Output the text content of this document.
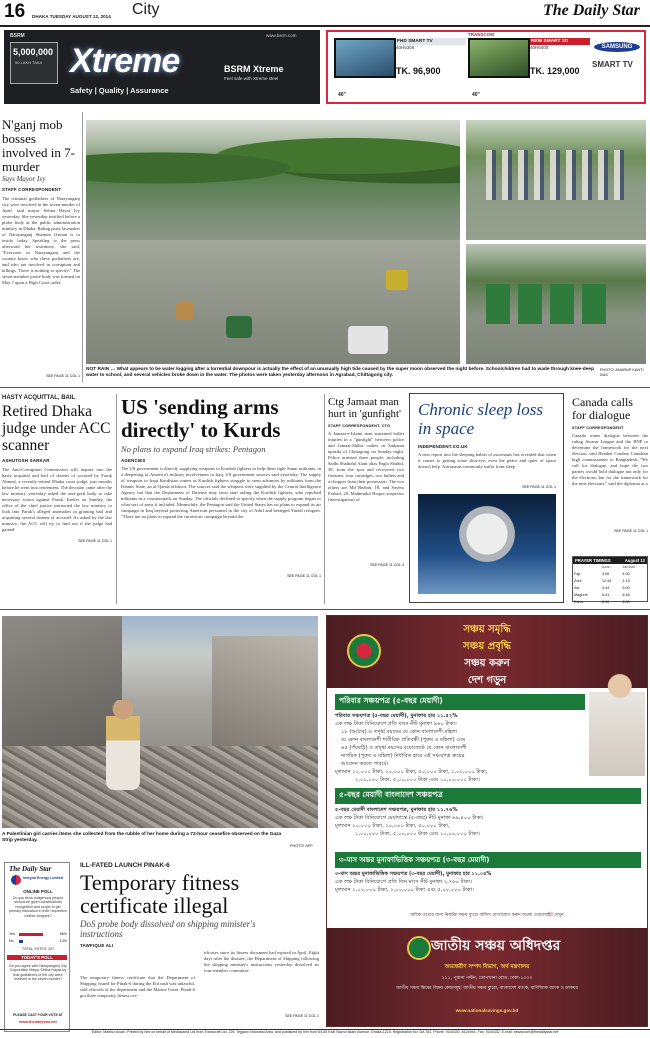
16 DHAKA TUESDAY AUGUST 12, 2014 City	The Daily Star
BSRM
5,000,000
50 LAKH TAKA Xtreme
Safety | Quality | Assurance
www.bsrm.com
BSRM Xtreme
Feel safe with Xtreme steel
TRANSCOM
40"
FHD SMART TV
40H5300
TK. 96,900
40"
NEW SMART 3D
40H6400
TK. 129,000
SAMSUNG
SMART TV
N'ganj mob bosses involved in 7-murder
Says Mayor Ivy
STAFF CORRESPONDENT
The criminal godfathers of Narayanganj city were involved in the seven-murder of April, said mayor Selina Hayat Ivy yesterday. She yesterday testified before a probe body at the public administration ministry in Dhaka. Ruling party lawmaker of Narayanganj Shamim Osman is to testify today. Speaking to the press afterward her testimony, she said, "Everyone in Narayanganj and the country know who these godfathers are, and who are involved in corruption and killings. There is nothing to specify." The seven-member probe body was formed on May 7 upon a High Court order.
SEE PAGE 11 COL 1
NOT RAIN … What appears to be water logging after a torrential downpour is actually the effect of an unusually high tide caused by the super moon observed the night before. Schoolchildren had to wade through knee-deep water to school, and several vehicles broke down in the water. The photos were taken yesterday afternoon in Agrabad, Chittagong city.
PHOTO: ANURUP KANTI DAS
HASTY ACQUITTAL, BAIL
Retired Dhaka judge under ACC scanner
ASHUTOSH SARKAR
The Anti-Corruption Commission will inquire into the hasty acquittal and bail of dozens of accused by Faruk Ahmed, a recently-retired Dhaka court judge, just months before he went into retirement. The decision came after the law ministry yesterday asked the anti-graft body to take necessary action against Faruk. Earlier on Sunday, the office of the chief justice instructed the law ministry to look into Faruk's alleged anomalies in granting bail and acquitting several dozens of accused. As asked by the law ministry, the ACC will try to find out if the judge had gained
SEE PAGE 11 COL 1
US 'sending arms directly' to Kurds
No plans to expand Iraq strikes: Pentagon
AGENCIES
The US government is directly supplying weapons to Kurdish fighters to help them fight Sunni militants, in a deepening of America's military involvement in Iraq, US government sources said yesterday. The supply of weapons to Iraqi Kurdistan comes as Kurdish fighters struggle to stem advances by militants from the Islamic State, an al-Qaeda offshoot. The sources said the weapons were supplied by the Central Intelligence Agency but that the Department of Defense may soon start aiding the Kurdish fighters, who repulsed militants in a counterattack on Sunday. The officials declined to specify when the supply program began or what sort of arms it included. Meanwhile, the Pentagon said the United States has no plans to expand its air campaign in Iraq beyond protecting American personnel in the city of Arbil and besieged Yazidi refugees. "There are no plans to expand the current air campaign beyond the
SEE PAGE 11 COL 1
Ctg Jamaat man hurt in 'gunfight'
STAFF CORRESPONDENT, CTG
A Jamaat-e-Islami man sustained bullet injuries in a "gunfight" between police and Jamaat-Shibir cadres in Satkania upazila of Chittagong on Sunday night. Police arrested three people, including Sadhi Shahidul Alam alias Pagla Shahid, 38, from the spot and recovered two firearms, four cartridges, two bullets and a chopper from their possession. The two others are Md Rezbin, 18, and Sayem Farhad, 20. Mahmudul Hoque, inspector (investigation) of
SEE PAGE 11 COL 4
Chronic sleep loss in space
INDEPENDENT.CO.UK
A new report into the sleeping habits of astronauts has revealed that when it comes to getting some shut-eye, even the peace and quiet of space doesn't help. Astronauts commonly suffer from sleep
SEE PAGE 11 COL 1
Canada calls for dialogue
STAFF CORRESPONDENT
Canada wants dialogue between the ruling Awami League and the BNP to determine the framework for the next election, said Heather Cruden, Canadian high commissioner to Bangladesh. "We call for dialogue, and hope the two parties would hold dialogue not only for the elections, but for the framework for the next elections," said the diplomat at a
SEE PAGE 11 COL 1
PRAYER TIMINGS	August 12
	Azan	Jamaat
Fajr	4:06	4:30
Zohr	12:45	1:15
Asr	4:44	5:00
Maghrib	6:41	6:46
Esha	8:00	8:30
A Palestinian girl carries items she collected from the rubble of her home during a 72-hour ceasefire observed on the Gaza Strip yesterday.
PHOTO: AFP
The Daily Star
Integral Energy Limited
ONLINE POLL
Do you think indigenous people should be given constitutional recognition and scope to get primary education in their respective mother tongues?
Yes	86%
No	14%
TOTAL VOTES: 207
TODAY'S POLL
Do you agree with Narayanganj City Corporation Mayor Selina Hayat Ivy that godfathers of the city were involved in the seven-murder?
PLEASE CAST YOUR VOTE AT
www.thedailystar.net
ILL-FATED LAUNCH PINAK-6
Temporary fitness certificate illegal
DoS probe body dissolved on shipping minister's instructions
TAWFIQUE ALI
The temporary fitness certificate that the Department of Shipping issued for Pinak-6 during the Eid rush was unlawful, said officials of the department and the Marine Court. Pinak-6 got three temporary fitness cer-
tificates since its fitness document had expired in April. Eight days after the disaster, the Department of Shipping following the shipping minister's instructions yesterday dissolved its four-member committee
SEE PAGE 11 COL 1
সঞ্চয় সমৃদ্ধি
সঞ্চয় প্রবৃদ্ধি
সঞ্চয় করুন
দেশ গড়ুন
পরিবার সঞ্চয়পত্র (৫-বছর মেয়াদী)
পরিবার সঞ্চয়পত্র (৫-বছর মেয়াদী), মুনাফার হার ১১.৫২%
এক লক্ষ টাকা বিনিয়োগে প্রতি মাসে নীট মুনাফা ৯৬০ টাকা।
১৮ (আঠার) ও তদূর্ধ্ব বয়সের যে কোন বাংলাদেশী মহিলা
যে কোন বাংলাদেশী শারীরিক প্রতিবন্ধী (পুরুষ ও মহিলা) এবং
৬৫ (পঁয়ষট্টি) ও তদূর্ধ্ব বয়সের বয়োজ্যেষ্ঠ যে কোন বাংলাদেশী
নাগরিক (পুরুষ ও মহিলা) নির্ধারিত হারে এই সঞ্চয়পত্র ক্রয়ের
আবেদন করতে পারবে।
মূল্যমান ১০,০০০ টাকা, ২০,০০০ টাকা, ৫০,০০০ টাকা, ১,০০,০০০ টাকা,
২,০০,০০০ টাকা, ৫,০০,০০০ টাকা এবং ১০,০০,০০০ টাকা।
৫-বছর মেয়াদী বাংলাদেশ সঞ্চয়পত্র
৫-বছর মেয়াদী বাংলাদেশ সঞ্চয়পত্র, মুনাফার হার ১১.৭৬%
এক লক্ষ টাকা বিনিয়োগে মেয়াদান্তে (৫-বছর) নীট মুনাফা ৬৯,৪০০ টাকা।
মূল্যমান ১০,০০০ টাকা, ২০,০০০ টাকা, ৫০,০০০ টাকা,
১,০০,০০০ টাকা, ৫,০০,০০০ টাকা এবং ১০,০০,০০০ টাকা।
৩-মাস অন্তর মুনাফাভিত্তিক সঞ্চয়পত্র (৩-বছর মেয়াদী)
৩-মাস অন্তর মুনাফাভিত্তিক সঞ্চয়পত্র (৩-বছর মেয়াদী), মুনাফার হার ১১.০৪%
এক লক্ষ টাকা বিনিয়োগে প্রতি তিন মাসে নীট মুনাফা ২,৭৬০ টাকা।
মূল্যমান ১,০০,০০০ টাকা, ২,০০,০০০ টাকা এবং ৫,০০,০০০ টাকা।
অধিক তথ্যের জন্য নিকটস্থ সঞ্চয় ব্যুরো অফিস যোগাযোগ করুন অথবা ওয়েবসাইট দেখুন
জাতীয় সঞ্চয় অধিদপ্তর
অভ্যন্তরীণ সম্পদ বিভাগ, অর্থ মন্ত্রণালয়
২১১, পুরানা পল্টন, তোপখানা রোড, ঢাকা-১০০০
জাতীয় সঞ্চয় স্কিমের বিক্রয় কেন্দ্রসমূহ: জাতীয় সঞ্চয় ব্যুরো, বাংলাদেশ ব্যাংক, বাণিজ্যিক ব্যাংক ও ডাকঘর
www.nationalsavings.gov.bd
Editor: Mahfuz Anam. Printed by him on behalf of Mediaworld Ltd from Transcraft Ltd, 229, Tejgaon Industrial Area, and published by him from 64-65 Kazi Nazrul Islam Avenue, Dhaka-1215. Registration No: DA 781. Phone: 9144330, 8124944. Fax: 9144332. E-mail: newsroom@thedailystar.net
